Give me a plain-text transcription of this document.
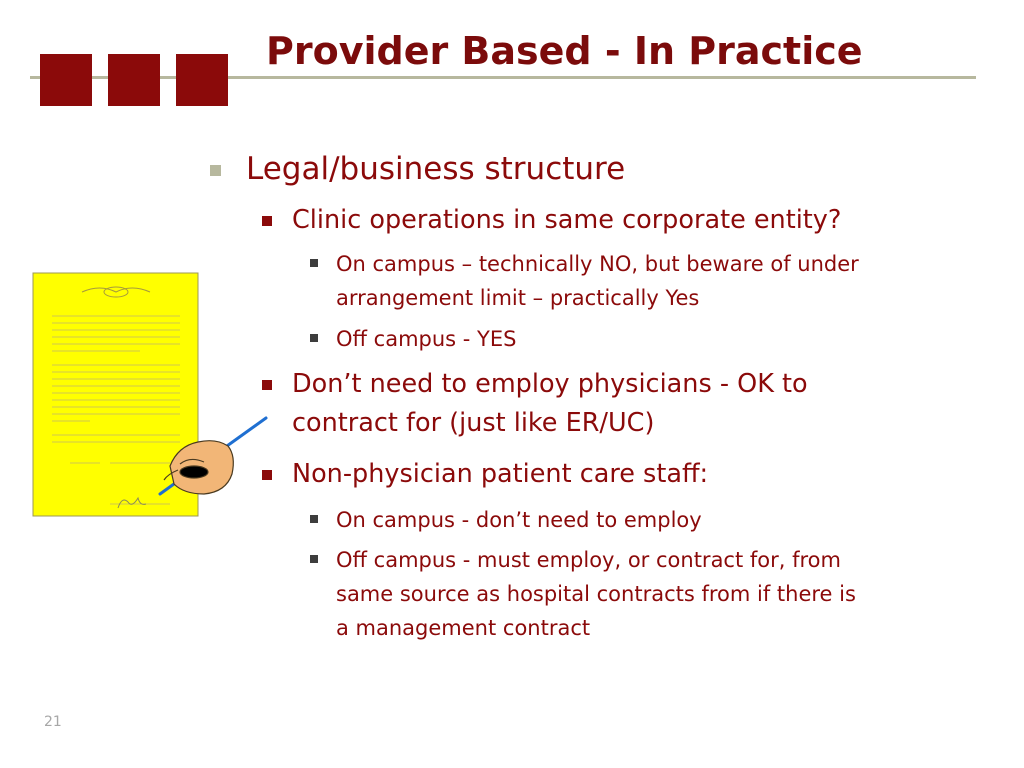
Provider Based - In Practice
Legal/business structure
Clinic operations in same corporate entity?
On campus – technically NO, but beware of under
arrangement limit – practically Yes
Off campus - YES
Don’t need to employ physicians - OK to
contract for (just like ER/UC)
Non-physician patient care staff:
On campus - don’t need to employ
Off campus - must employ, or contract for, from
same source as hospital contracts from if there is
a management contract
21
